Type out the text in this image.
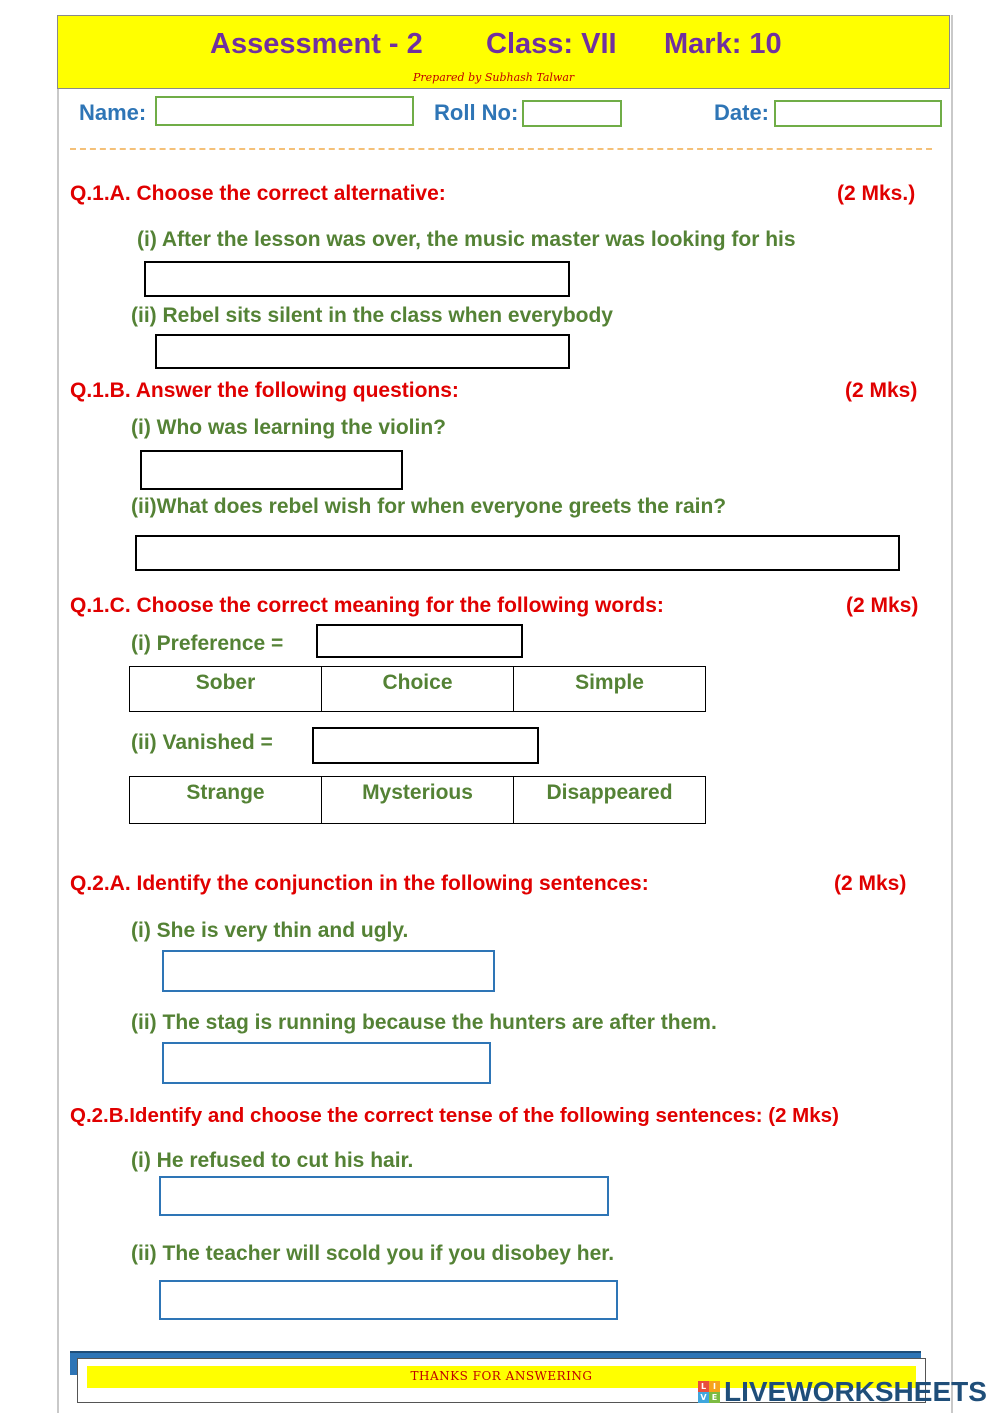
Assessment - 2 Class: VII Mark: 10
Prepared by Subhash Talwar
Name:	Roll No:	Date:
Q.1.A. Choose the correct alternative:	(2 Mks.)
(i) After the lesson was over, the music master was looking for his
(ii) Rebel sits silent in the class when everybody
Q.1.B. Answer the following questions:	(2 Mks)
(i) Who was learning the violin?
(ii)What does rebel wish for when everyone greets the rain?
Q.1.C. Choose the correct meaning for the following words:	(2 Mks)
(i) Preference =
Sober	Choice	Simple
(ii) Vanished =
Strange	Mysterious	Disappeared
Q.2.A. Identify the conjunction in the following sentences:	(2 Mks)
(i) She is very thin and ugly.
(ii) The stag is running because the hunters are after them.
Q.2.B.Identify and choose the correct tense of the following sentences: (2 Mks)
(i) He refused to cut his hair.
(ii) The teacher will scold you if you disobey her.
THANKS FOR ANSWERING
L I
V E LIVEWORKSHEETS
